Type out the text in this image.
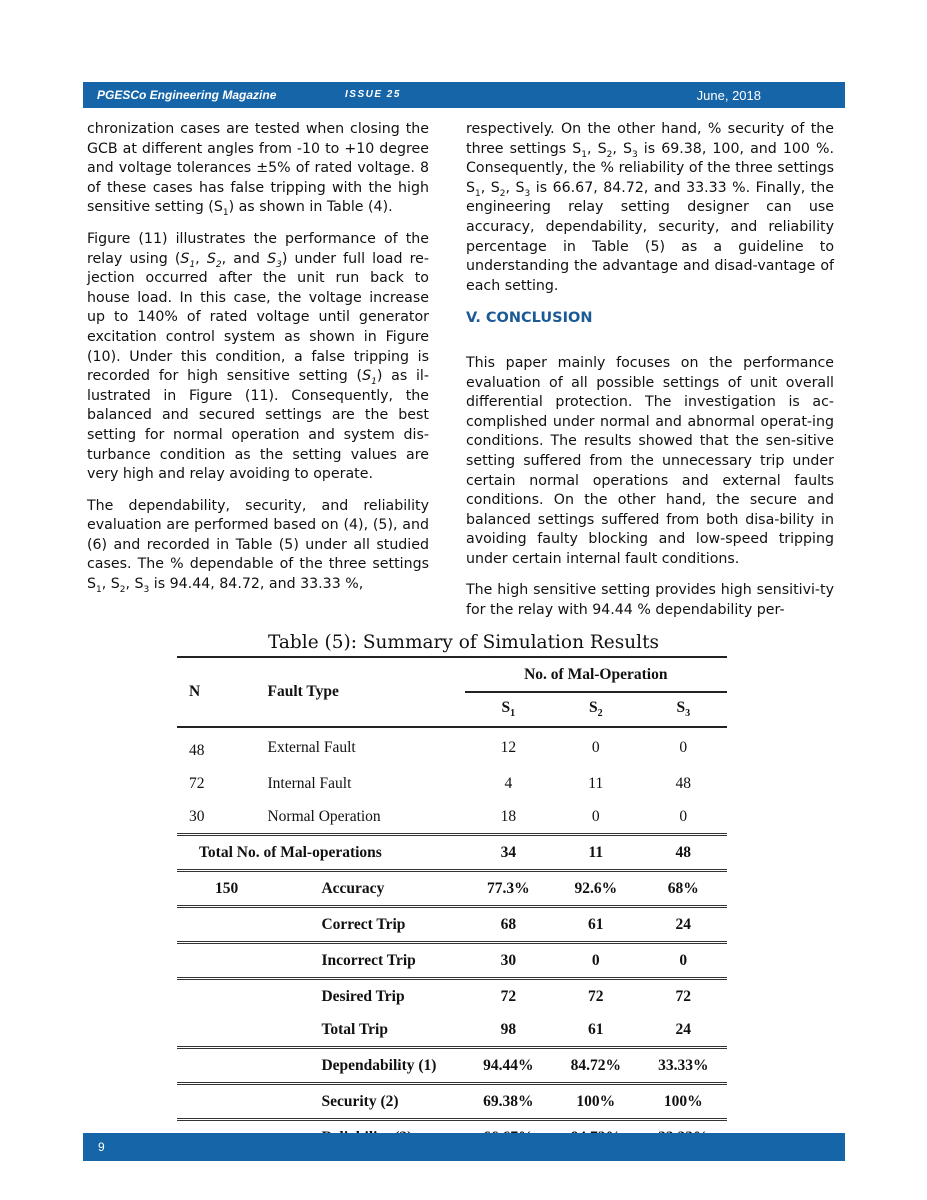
PGESCo Engineering Magazine	ISSUE 25	June, 2018

chronization cases are tested when closing the GCB at different angles from -10 to +10 degree and voltage tolerances ±5% of rated voltage. 8 of these cases has false tripping with the high sensitive setting $(S_1)$ as shown in Table (4).

Figure (11) illustrates the performance of the relay using ($S_1$, $S_2$, and $S_3$) under full load re-jection occurred after the unit run back to house load. In this case, the voltage increase up to 140% of rated voltage until generator excitation control system as shown in Figure (10). Under this condition, a false tripping is recorded for high sensitive setting $(S_1)$ as il-lustrated in Figure (11). Consequently, the balanced and secured settings are the best setting for normal operation and system dis-turbance condition as the setting values are very high and relay avoiding to operate.

The dependability, security, and reliability evaluation are performed based on (4), (5), and (6) and recorded in Table (5) under all studied cases. The % dependable of the three settings $S_1$, $S_2$, $S_3$ is 94.44, 84.72, and 33.33 %,

respectively. On the other hand, % security of the three settings $S_1$, $S_2$, $S_3$ is 69.38, 100, and 100 %. Consequently, the % reliability of the three settings $S_1$, $S_2$, $S_3$ is 66.67, 84.72, and 33.33 %. Finally, the engineering relay setting designer can use accuracy, dependability, security, and reliability percentage in Table (5) as a guideline to understanding the advantage and disad-vantage of each setting.

V. CONCLUSION

This paper mainly focuses on the performance evaluation of all possible settings of unit overall differential protection. The investigation is ac-complished under normal and abnormal operat-ing conditions. The results showed that the sen-sitive setting suffered from the unnecessary trip under certain normal operations and external faults conditions. On the other hand, the secure and balanced settings suffered from both disa-bility in avoiding faulty blocking and low-speed tripping under certain internal fault conditions.

The high sensitive setting provides high sensitivi-ty for the relay with 94.44 % dependability per-

Table (5): Summary of Simulation Results
N	Fault Type	No. of Mal-Operation		
		$S_1$	$S_2$	$S_3$
48	External Fault	12	0	0
72	Internal Fault	4	11	48
30	Normal Operation	18	0	0
Total No. of Mal-operations		34	11	48
150	Accuracy	77.3%	92.6%	68%
	Correct Trip	68	61	24
	Incorrect Trip	30	0	0
	Desired Trip	72	72	72
	Total Trip	98	61	24
	Dependability (1)	94.44%	84.72%	33.33%
	Security (2)	69.38%	100%	100%

9
